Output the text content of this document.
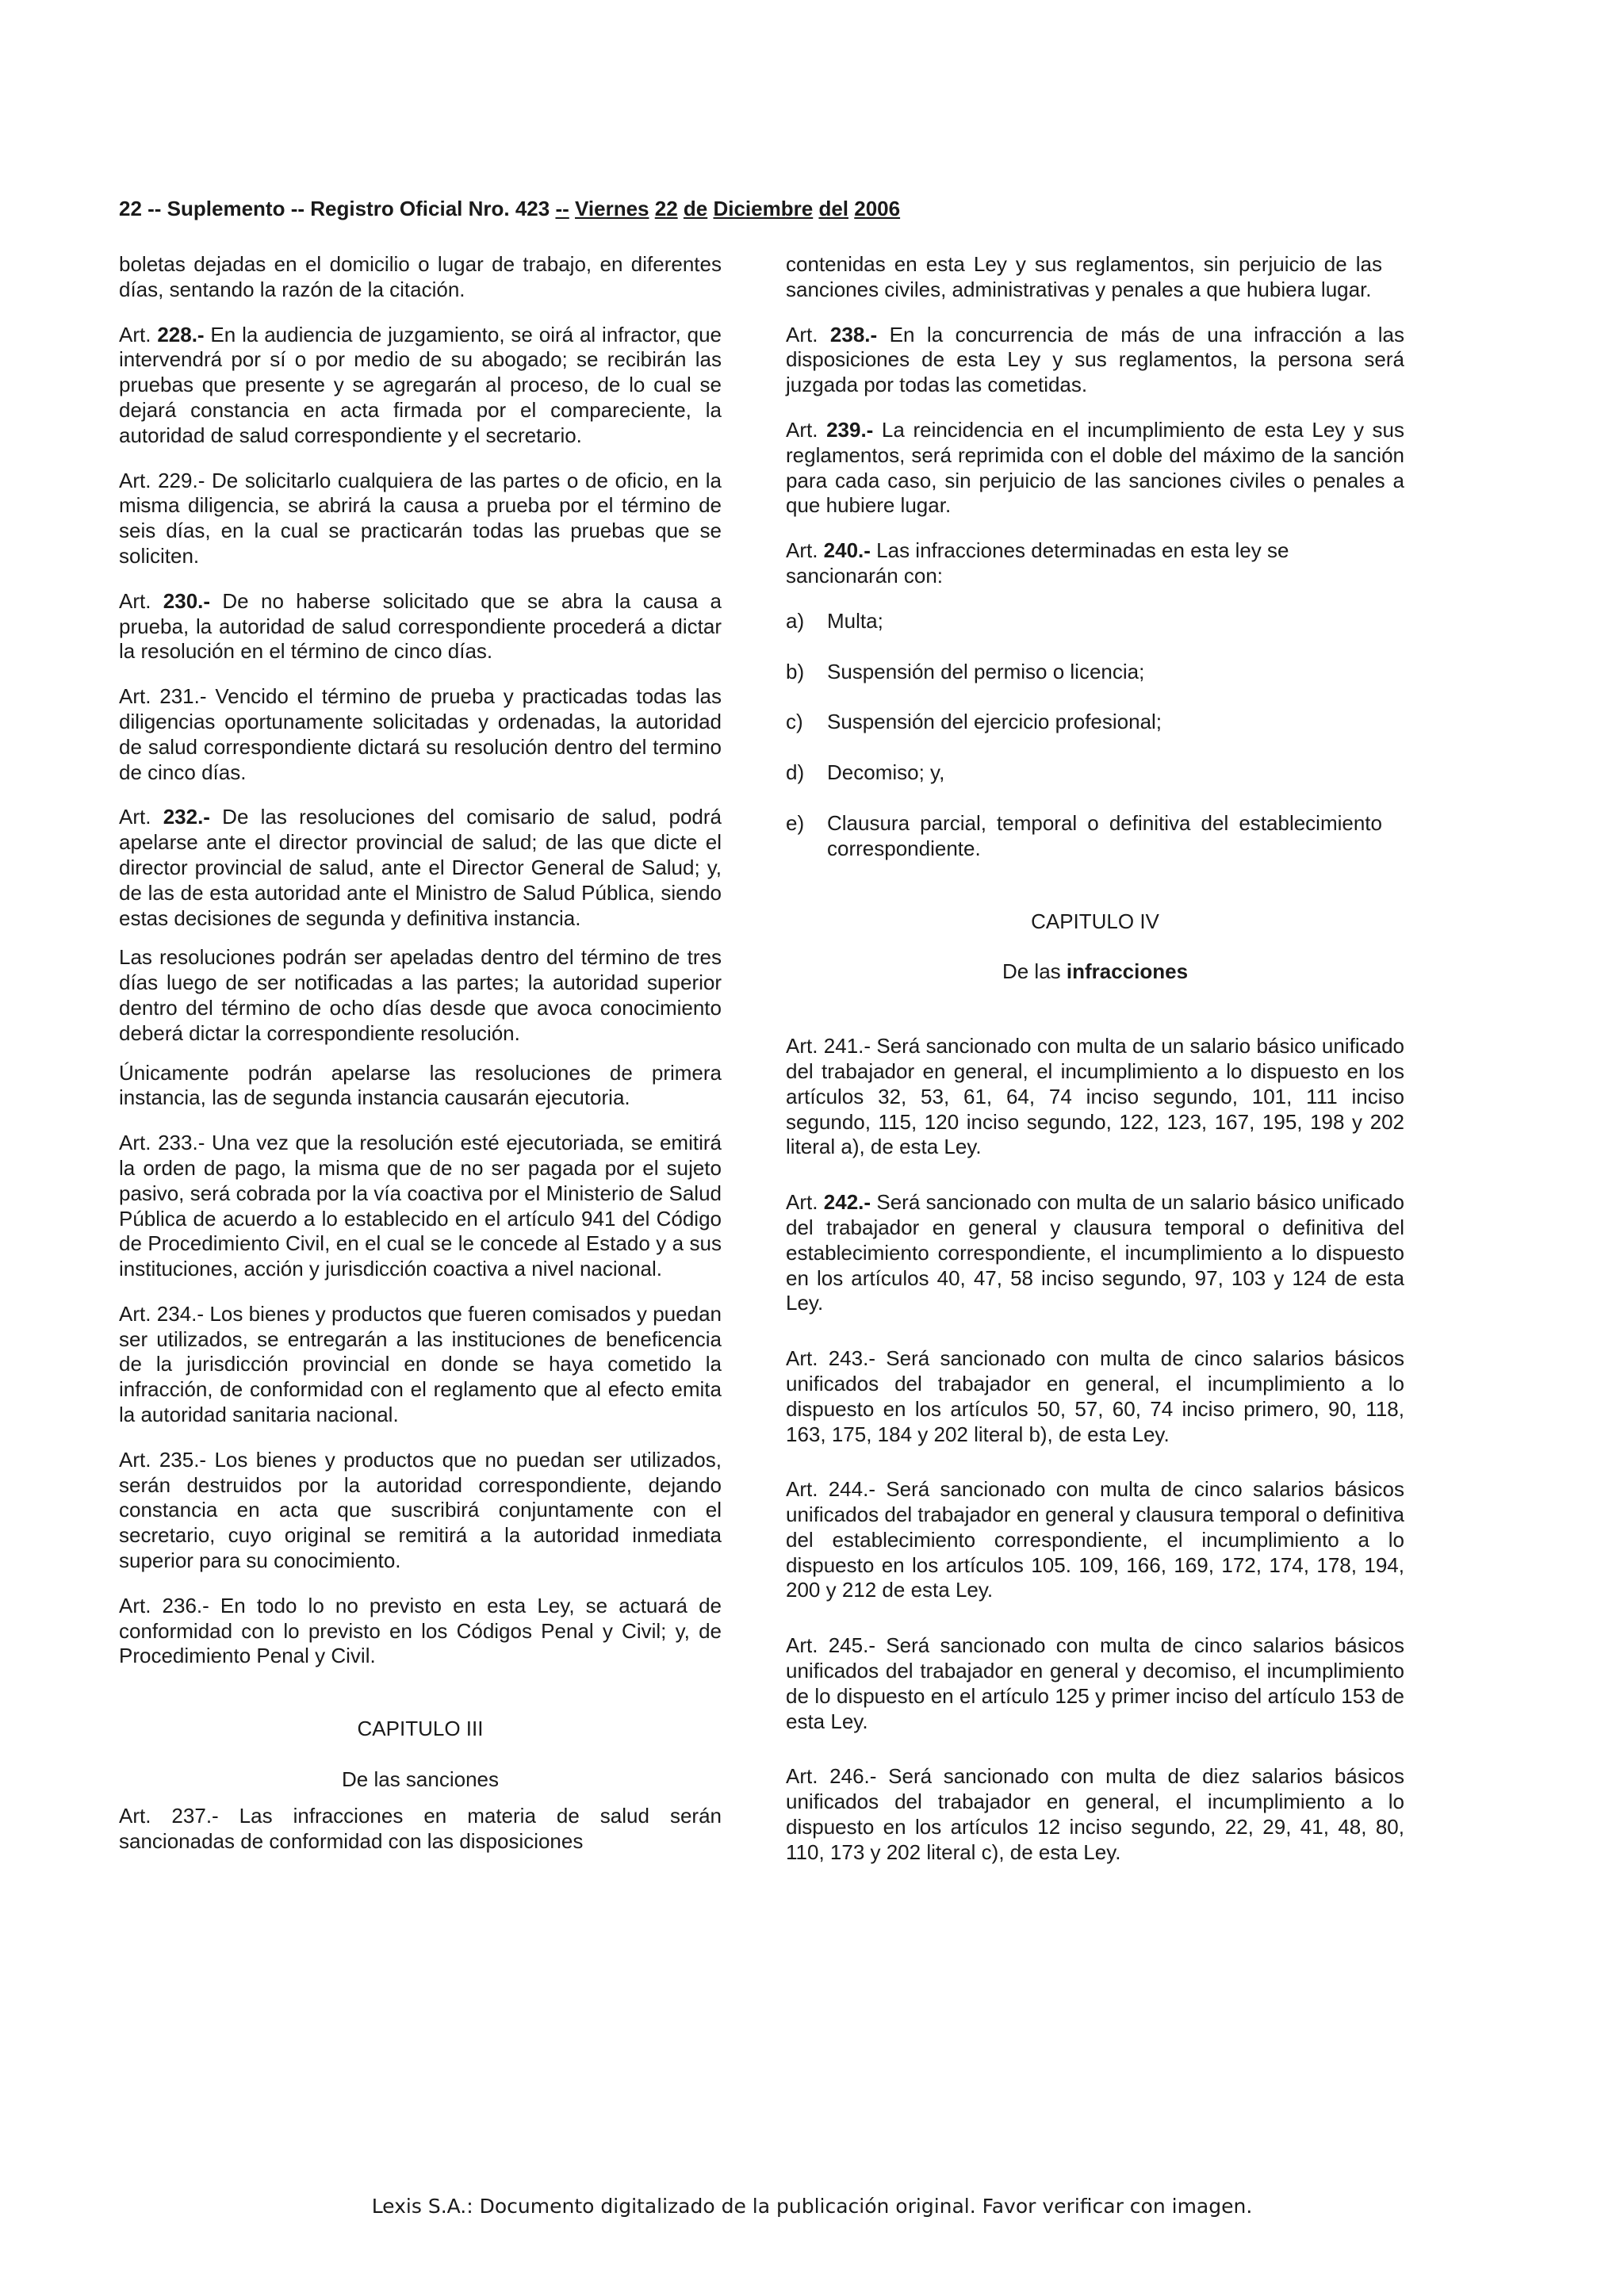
22 -- Suplemento -- Registro Oficial Nro. 423 -- Viernes 22 de Diciembre del 2006

boletas dejadas en el domicilio o lugar de trabajo, en diferentes días, sentando la razón de la citación.

Art. 228.- En la audiencia de juzgamiento, se oirá al infractor, que intervendrá por sí o por medio de su abogado; se recibirán las pruebas que presente y se agregarán al proceso, de lo cual se dejará constancia en acta firmada por el compareciente, la autoridad de salud correspondiente y el secretario.

Art. 229.- De solicitarlo cualquiera de las partes o de oficio, en la misma diligencia, se abrirá la causa a prueba por el término de seis días, en la cual se practicarán todas las pruebas que se soliciten.

Art. 230.- De no haberse solicitado que se abra la causa a prueba, la autoridad de salud correspondiente procederá a dictar la resolución en el término de cinco días.

Art. 231.- Vencido el término de prueba y practicadas todas las diligencias oportunamente solicitadas y ordenadas, la autoridad de salud correspondiente dictará su resolución dentro del termino de cinco días.

Art. 232.- De las resoluciones del comisario de salud, podrá apelarse ante el director provincial de salud; de las que dicte el director provincial de salud, ante el Director General de Salud; y, de las de esta autoridad ante el Ministro de Salud Pública, siendo estas decisiones de segunda y definitiva instancia.

Las resoluciones podrán ser apeladas dentro del término de tres días luego de ser notificadas a las partes; la autoridad superior dentro del término de ocho días desde que avoca conocimiento deberá dictar la correspondiente resolución.

Únicamente podrán apelarse las resoluciones de primera instancia, las de segunda instancia causarán ejecutoria.

Art. 233.- Una vez que la resolución esté ejecutoriada, se emitirá la orden de pago, la misma que de no ser pagada por el sujeto pasivo, será cobrada por la vía coactiva por el Ministerio de Salud Pública de acuerdo a lo establecido en el artículo 941 del Código de Procedimiento Civil, en el cual se le concede al Estado y a sus instituciones, acción y jurisdicción coactiva a nivel nacional.

Art. 234.- Los bienes y productos que fueren comisados y puedan ser utilizados, se entregarán a las instituciones de beneficencia de la jurisdicción provincial en donde se haya cometido la infracción, de conformidad con el reglamento que al efecto emita la autoridad sanitaria nacional.

Art. 235.- Los bienes y productos que no puedan ser utilizados, serán destruidos por la autoridad correspondiente, dejando constancia en acta que suscribirá conjuntamente con el secretario, cuyo original se remitirá a la autoridad inmediata superior para su conocimiento.

Art. 236.- En todo lo no previsto en esta Ley, se actuará de conformidad con lo previsto en los Códigos Penal y Civil; y, de Procedimiento Penal y Civil.

CAPITULO III

De las sanciones

Art. 237.- Las infracciones en materia de salud serán sancionadas de conformidad con las disposiciones

contenidas en esta Ley y sus reglamentos, sin perjuicio de las sanciones civiles, administrativas y penales a que hubiera lugar.

Art. 238.- En la concurrencia de más de una infracción a las disposiciones de esta Ley y sus reglamentos, la persona será juzgada por todas las cometidas.

Art. 239.- La reincidencia en el incumplimiento de esta Ley y sus reglamentos, será reprimida con el doble del máximo de la sanción para cada caso, sin perjuicio de las sanciones civiles o penales a que hubiere lugar.

Art. 240.- Las infracciones determinadas en esta ley se sancionarán con:

a)	Multa;
b)	Suspensión del permiso o licencia;
c)	Suspensión del ejercicio profesional;
d)	Decomiso; y,
e)	Clausura parcial, temporal o definitiva del establecimiento correspondiente.

CAPITULO IV

De las infracciones

Art. 241.- Será sancionado con multa de un salario básico unificado del trabajador en general, el incumplimiento a lo dispuesto en los artículos 32, 53, 61, 64, 74 inciso segundo, 101, 111 inciso segundo, 115, 120 inciso segundo, 122, 123, 167, 195, 198 y 202 literal a), de esta Ley.

Art. 242.- Será sancionado con multa de un salario básico unificado del trabajador en general y clausura temporal o definitiva del establecimiento correspondiente, el incumplimiento a lo dispuesto en los artículos 40, 47, 58 inciso segundo, 97, 103 y 124 de esta Ley.

Art. 243.- Será sancionado con multa de cinco salarios básicos unificados del trabajador en general, el incumplimiento a lo dispuesto en los artículos 50, 57, 60, 74 inciso primero, 90, 118, 163, 175, 184 y 202 literal b), de esta Ley.

Art. 244.- Será sancionado con multa de cinco salarios básicos unificados del trabajador en general y clausura temporal o definitiva del establecimiento correspondiente, el incumplimiento a lo dispuesto en los artículos 105. 109, 166, 169, 172, 174, 178, 194, 200 y 212 de esta Ley.

Art. 245.- Será sancionado con multa de cinco salarios básicos unificados del trabajador en general y decomiso, el incumplimiento de lo dispuesto en el artículo 125 y primer inciso del artículo 153 de esta Ley.

Art. 246.- Será sancionado con multa de diez salarios básicos unificados del trabajador en general, el incumplimiento a lo dispuesto en los artículos 12 inciso segundo, 22, 29, 41, 48, 80, 110, 173 y 202 literal c), de esta Ley.

Lexis S.A.: Documento digitalizado de la publicación original. Favor verificar con imagen.
